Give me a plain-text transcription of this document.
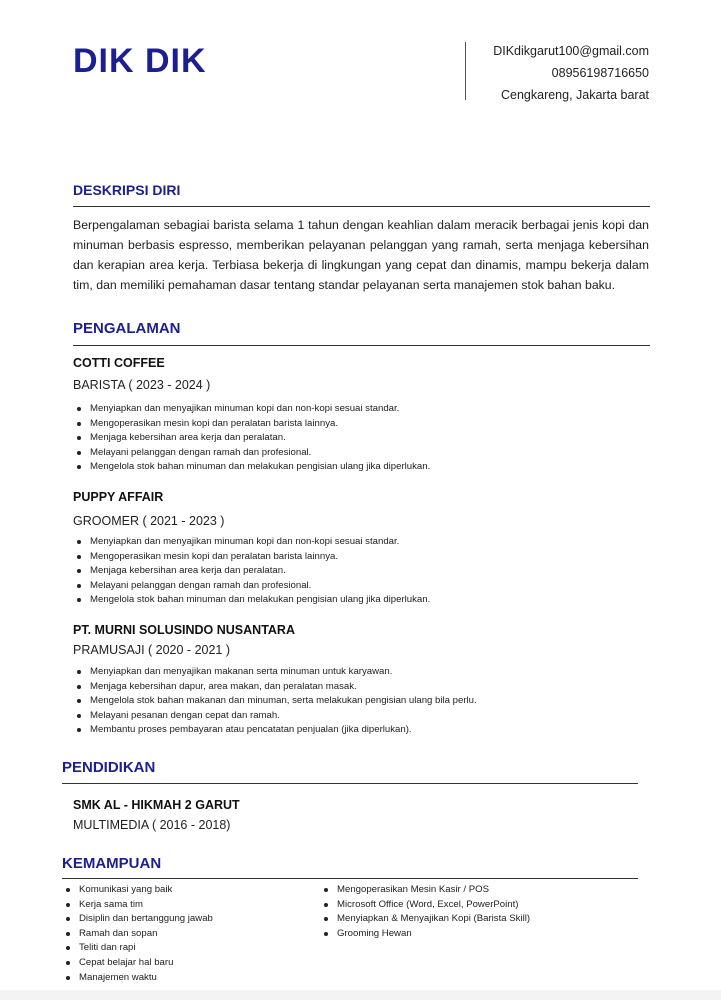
DIK DIK	DIKdikgarut100@gmail.com
08956198716650
Cengkareng, Jakarta barat
DESKRIPSI DIRI
Berpengalaman sebagiai barista selama 1 tahun dengan keahlian dalam meracik berbagai jenis kopi dan minuman berbasis espresso, memberikan pelayanan pelanggan yang ramah, serta menjaga kebersihan dan kerapian area kerja. Terbiasa bekerja di lingkungan yang cepat dan dinamis, mampu bekerja dalam tim, dan memiliki pemahaman dasar tentang standar pelayanan serta manajemen stok bahan baku.
PENGALAMAN
COTTI COFFEE
BARISTA ( 2023 - 2024 )
Menyiapkan dan menyajikan minuman kopi dan non-kopi sesuai standar.
Mengoperasikan mesin kopi dan peralatan barista lainnya.
Menjaga kebersihan area kerja dan peralatan.
Melayani pelanggan dengan ramah dan profesional.
Mengelola stok bahan minuman dan melakukan pengisian ulang jika diperlukan.
PUPPY AFFAIR
GROOMER ( 2021 - 2023 )
Menyiapkan dan menyajikan minuman kopi dan non-kopi sesuai standar.
Mengoperasikan mesin kopi dan peralatan barista lainnya.
Menjaga kebersihan area kerja dan peralatan.
Melayani pelanggan dengan ramah dan profesional.
Mengelola stok bahan minuman dan melakukan pengisian ulang jika diperlukan.
PT. MURNI SOLUSINDO NUSANTARA
PRAMUSAJI ( 2020 - 2021 )
Menyiapkan dan menyajikan makanan serta minuman untuk karyawan.
Menjaga kebersihan dapur, area makan, dan peralatan masak.
Mengelola stok bahan makanan dan minuman, serta melakukan pengisian ulang bila perlu.
Melayani pesanan dengan cepat dan ramah.
Membantu proses pembayaran atau pencatatan penjualan (jika diperlukan).
PENDIDIKAN
SMK AL - HIKMAH 2 GARUT
MULTIMEDIA ( 2016 - 2018)
KEMAMPUAN
Komunikasi yang baik
Kerja sama tim
Disiplin dan bertanggung jawab
Ramah dan sopan
Teliti dan rapi
Cepat belajar hal baru
Manajemen waktu
Mengoperasikan Mesin Kasir / POS
Microsoft Office (Word, Excel, PowerPoint)
Menyiapkan & Menyajikan Kopi (Barista Skill)
Grooming Hewan
